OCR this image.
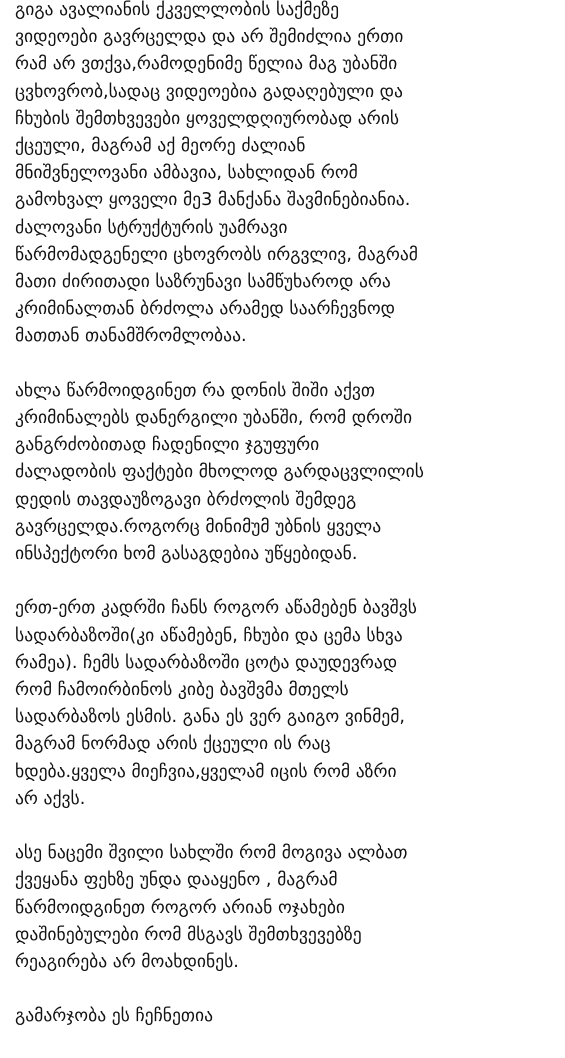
გიგა ავალიანის ქკველლობის საქმეზე
ვიდეოები გავრცელდა და არ შემიძლია ერთი
რამ არ ვთქვა,რამოდენიმე წელია მაგ უბანში
ცვხოვრობ,სადაც ვიდეოებია გადაღებული და
ჩხუბის შემთხვევები ყოველდღიურობად არის
ქცეული, მაგრამ აქ მეორე ძალიან
მნიშვნელოვანი ამბავია, სახლიდან რომ
გამოხვალ ყოველი მე3 მანქანა შავმინებიანია.
ძალოვანი სტრუქტურის უამრავი
წარმომადგენელი ცხოვრობს ირგვლივ, მაგრამ
მათი ძირითადი საზრუნავი სამწუხაროდ არა
კრიმინალთან ბრძოლა არამედ საარჩევნოდ
მათთან თანამშრომლობაა.

ახლა წარმოიდგინეთ რა დონის შიში აქვთ
კრიმინალებს დანერგილი უბანში, რომ დროში
განგრძობითად ჩადენილი ჯგუფური
ძალადობის ფაქტები მხოლოდ გარდაცვლილის
დედის თავდაუზოგავი ბრძოლის შემდეგ
გავრცელდა.როგორც მინიმუმ უბნის ყველა
ინსპექტორი ხომ გასაგდებია უწყებიდან.

ერთ-ერთ კადრში ჩანს როგორ აწამებენ ბავშვს
სადარბაზოში(კი აწამებენ, ჩხუბი და ცემა სხვა
რამეა). ჩემს სადარბაზოში ცოტა დაუდევრად
რომ ჩამოირბინოს კიბე ბავშვმა მთელს
სადარბაზოს ესმის. განა ეს ვერ გაიგო ვინმემ,
მაგრამ ნორმად არის ქცეული ის რაც
ხდება.ყველა მიეჩვია,ყველამ იცის რომ აზრი
არ აქვს.

ასე ნაცემი შვილი სახლში რომ მოგივა ალბათ
ქვეყანა ფეხზე უნდა დააყენო , მაგრამ
წარმოიდგინეთ როგორ არიან ოჯახები
დაშინებულები რომ მსგავს შემთხვევებზე
რეაგირება არ მოახდინეს.

გამარჯობა ეს ჩეჩნეთია
